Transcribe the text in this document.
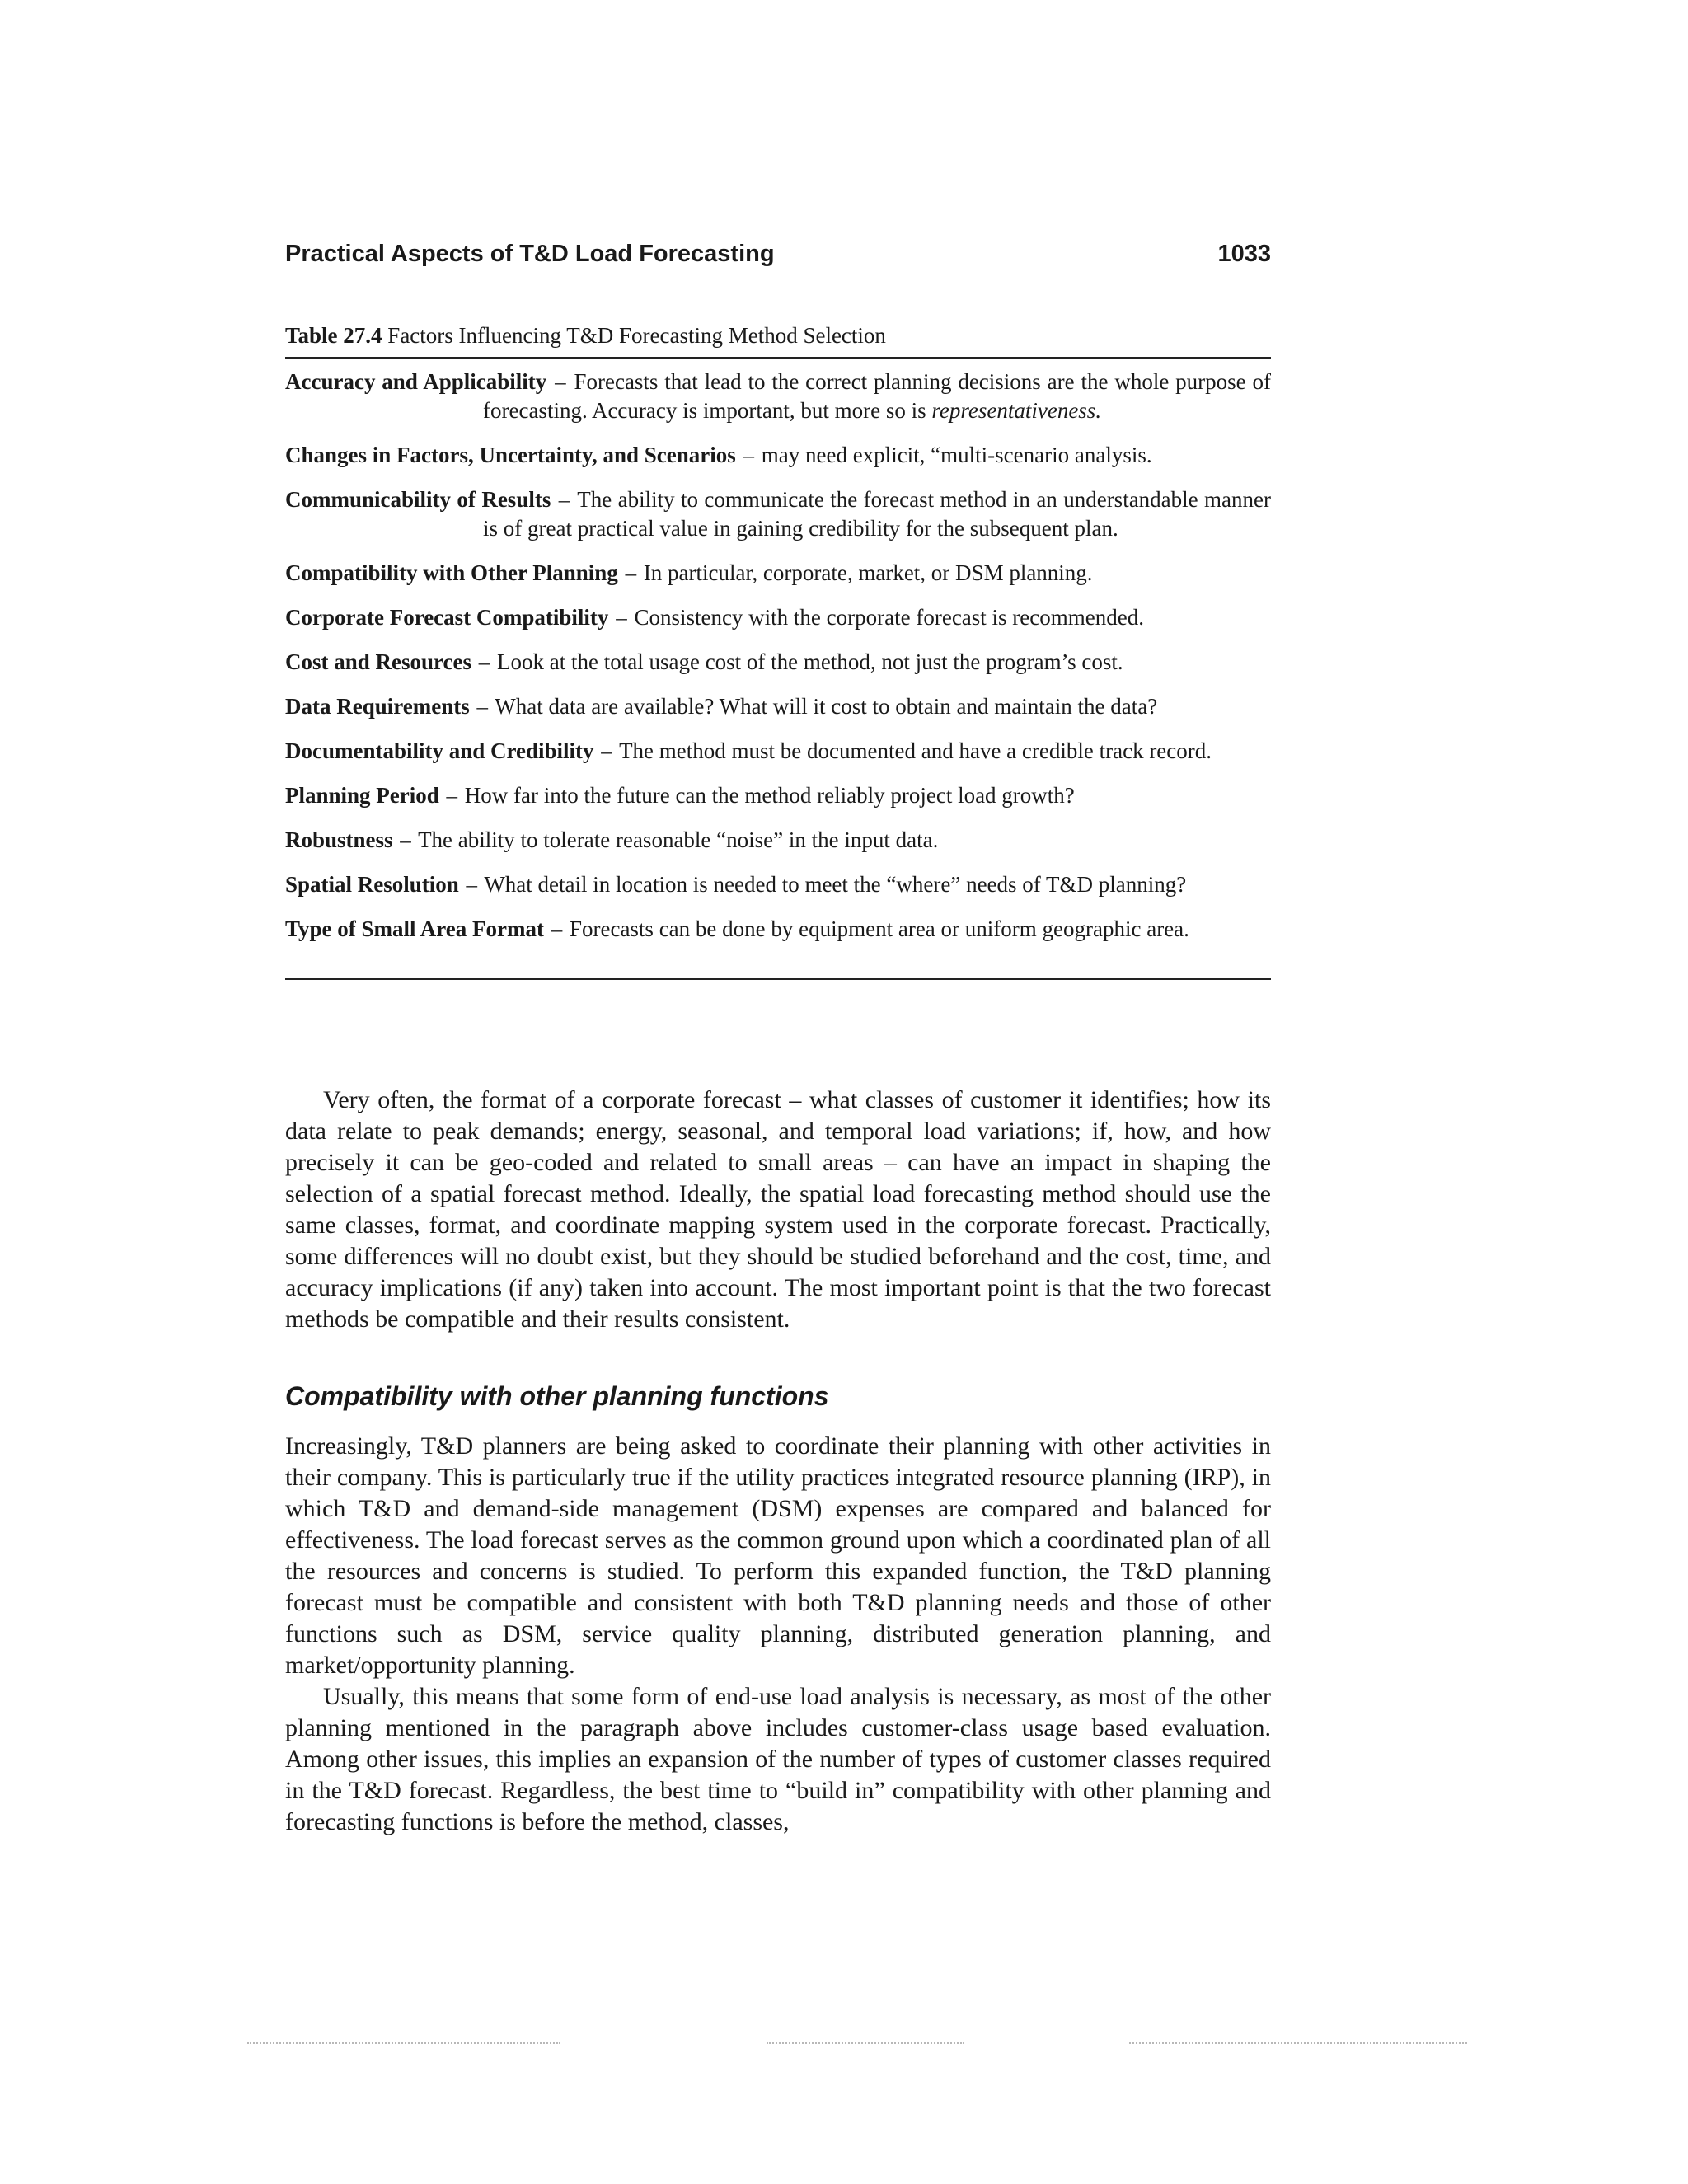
Practical Aspects of T&D Load Forecasting	1033
Table 27.4 Factors Influencing T&D Forecasting Method Selection

Accuracy and Applicability – Forecasts that lead to the correct planning decisions are the whole purpose of forecasting. Accuracy is important, but more so is representativeness.

Changes in Factors, Uncertainty, and Scenarios – may need explicit, “multi-scenario analysis.

Communicability of Results – The ability to communicate the forecast method in an understandable manner is of great practical value in gaining credibility for the subsequent plan.

Compatibility with Other Planning – In particular, corporate, market, or DSM planning.

Corporate Forecast Compatibility – Consistency with the corporate forecast is recommended.

Cost and Resources – Look at the total usage cost of the method, not just the program’s cost.

Data Requirements – What data are available? What will it cost to obtain and maintain the data?

Documentability and Credibility – The method must be documented and have a credible track record.

Planning Period – How far into the future can the method reliably project load growth?

Robustness – The ability to tolerate reasonable “noise” in the input data.

Spatial Resolution – What detail in location is needed to meet the “where” needs of T&D planning?

Type of Small Area Format – Forecasts can be done by equipment area or uniform geographic area.

Very often, the format of a corporate forecast – what classes of customer it identifies; how its data relate to peak demands; energy, seasonal, and temporal load variations; if, how, and how precisely it can be geo-coded and related to small areas – can have an impact in shaping the selection of a spatial forecast method. Ideally, the spatial load forecasting method should use the same classes, format, and coordinate mapping system used in the corporate forecast. Practically, some differences will no doubt exist, but they should be studied beforehand and the cost, time, and accuracy implications (if any) taken into account. The most important point is that the two forecast methods be compatible and their results consistent.

Compatibility with other planning functions

Increasingly, T&D planners are being asked to coordinate their planning with other activities in their company. This is particularly true if the utility practices integrated resource planning (IRP), in which T&D and demand-side management (DSM) expenses are compared and balanced for effectiveness. The load forecast serves as the common ground upon which a coordinated plan of all the resources and concerns is studied. To perform this expanded function, the T&D planning forecast must be compatible and consistent with both T&D planning needs and those of other functions such as DSM, service quality planning, distributed generation planning, and market/opportunity planning.

Usually, this means that some form of end-use load analysis is necessary, as most of the other planning mentioned in the paragraph above includes customer-class usage based evaluation. Among other issues, this implies an expansion of the number of types of customer classes required in the T&D forecast. Regardless, the best time to “build in” compatibility with other planning and forecasting functions is before the method, classes,
